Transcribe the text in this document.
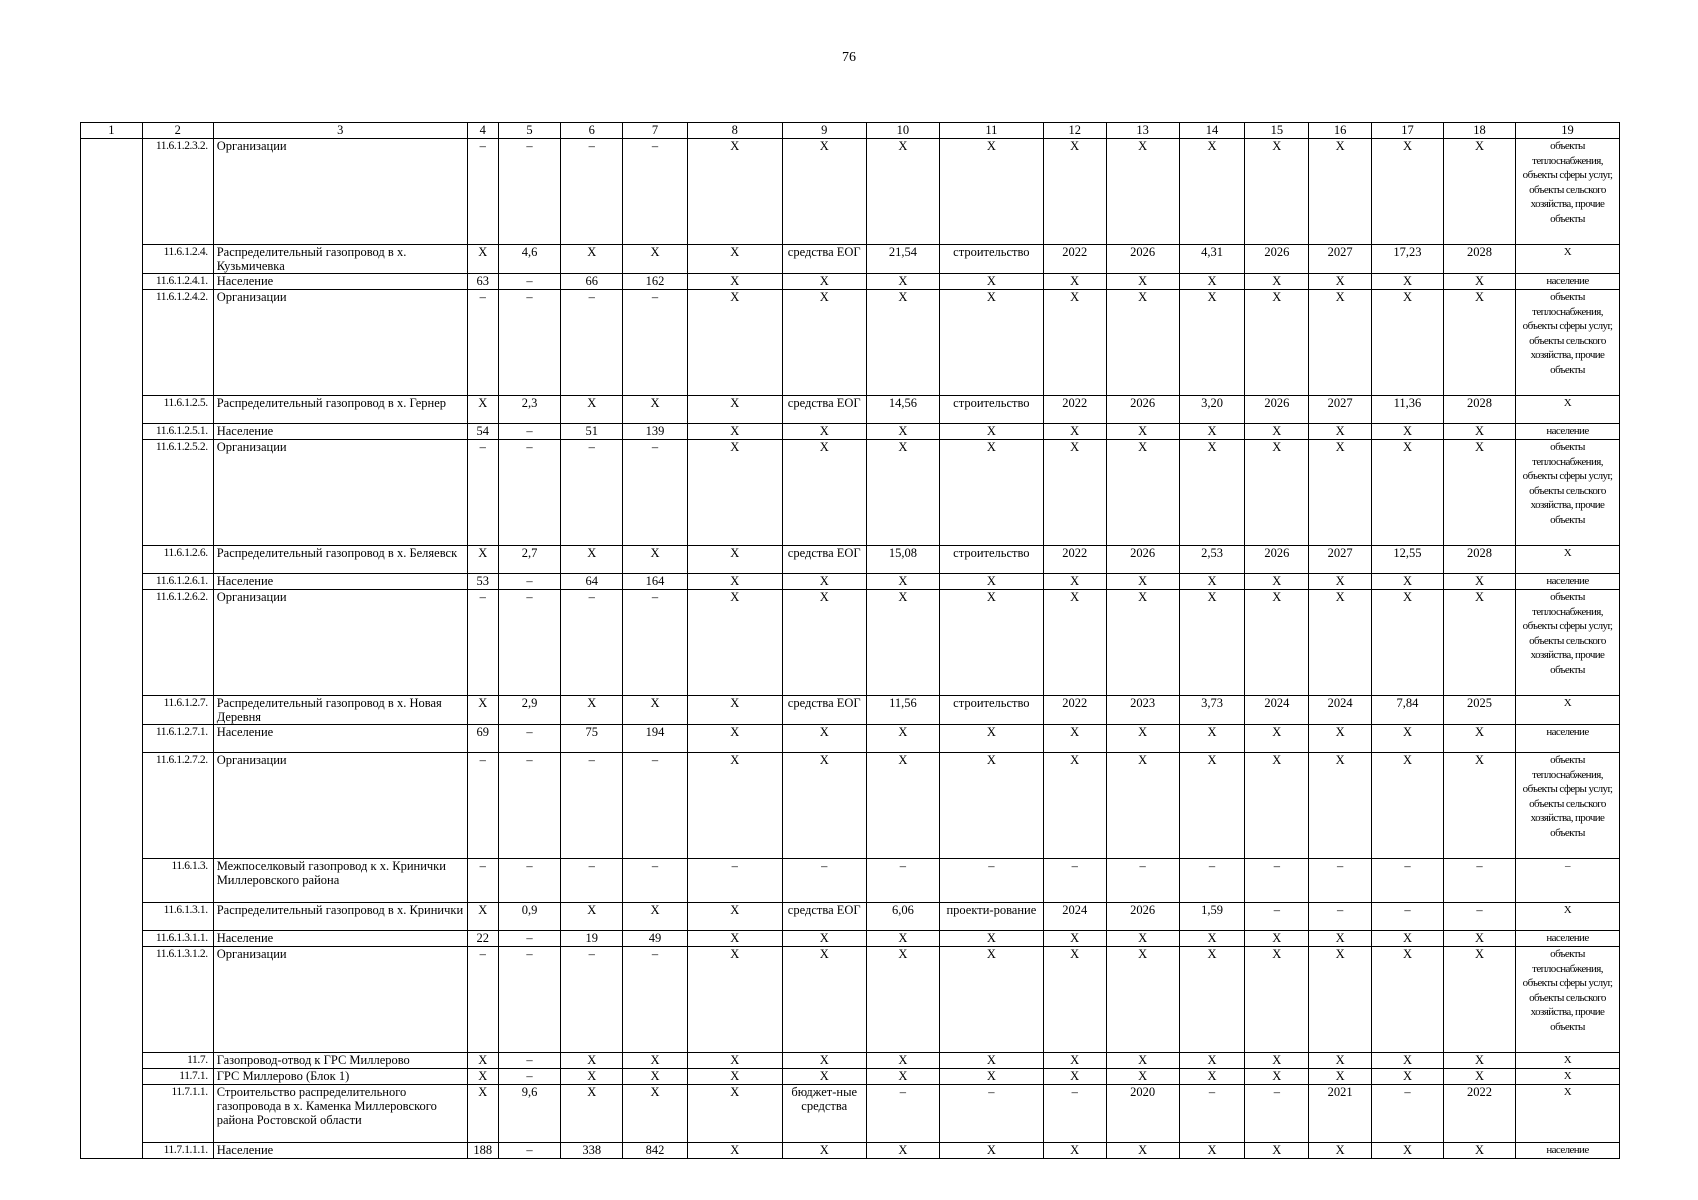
76
1	2	3	4	5	6	7	8	9	10	11	12	13	14	15	16	17	18	19
	11.6.1.2.3.2.	Организации	–	–	–	–	Х	Х	Х	Х	Х	Х	Х	Х	Х	Х	Х	объекты теплоснабжения, объекты сферы услуг, объекты сельского хозяйства, прочие объекты
	11.6.1.2.4.	Распределительный газопровод в х. Кузьмичевка	Х	4,6	Х	Х	Х	средства ЕОГ	21,54	строительство	2022	2026	4,31	2026	2027	17,23	2028	Х
	11.6.1.2.4.1.	Население	63	–	66	162	Х	Х	Х	Х	Х	Х	Х	Х	Х	Х	Х	население
	11.6.1.2.4.2.	Организации	–	–	–	–	Х	Х	Х	Х	Х	Х	Х	Х	Х	Х	Х	объекты теплоснабжения, объекты сферы услуг, объекты сельского хозяйства, прочие объекты
	11.6.1.2.5.	Распределительный газопровод в х. Гернер	Х	2,3	Х	Х	Х	средства ЕОГ	14,56	строительство	2022	2026	3,20	2026	2027	11,36	2028	Х
	11.6.1.2.5.1.	Население	54	–	51	139	Х	Х	Х	Х	Х	Х	Х	Х	Х	Х	Х	население
	11.6.1.2.5.2.	Организации	–	–	–	–	Х	Х	Х	Х	Х	Х	Х	Х	Х	Х	Х	объекты теплоснабжения, объекты сферы услуг, объекты сельского хозяйства, прочие объекты
	11.6.1.2.6.	Распределительный газопровод в х. Беляевск	Х	2,7	Х	Х	Х	средства ЕОГ	15,08	строительство	2022	2026	2,53	2026	2027	12,55	2028	Х
	11.6.1.2.6.1.	Население	53	–	64	164	Х	Х	Х	Х	Х	Х	Х	Х	Х	Х	Х	население
	11.6.1.2.6.2.	Организации	–	–	–	–	Х	Х	Х	Х	Х	Х	Х	Х	Х	Х	Х	объекты теплоснабжения, объекты сферы услуг, объекты сельского хозяйства, прочие объекты
	11.6.1.2.7.	Распределительный газопровод в х. Новая Деревня	Х	2,9	Х	Х	Х	средства ЕОГ	11,56	строительство	2022	2023	3,73	2024	2024	7,84	2025	Х
	11.6.1.2.7.1.	Население	69	–	75	194	Х	Х	Х	Х	Х	Х	Х	Х	Х	Х	Х	население
	11.6.1.2.7.2.	Организации	–	–	–	–	Х	Х	Х	Х	Х	Х	Х	Х	Х	Х	Х	объекты теплоснабжения, объекты сферы услуг, объекты сельского хозяйства, прочие объекты
	11.6.1.3.	Межпоселковый газопровод к х. Кринички Миллеровского района	–	–	–	–	–	–	–	–	–	–	–	–	–	–	–	–
	11.6.1.3.1.	Распределительный газопровод в х. Кринички	Х	0,9	Х	Х	Х	средства ЕОГ	6,06	проекти-рование	2024	2026	1,59	–	–	–	–	Х
	11.6.1.3.1.1.	Население	22	–	19	49	Х	Х	Х	Х	Х	Х	Х	Х	Х	Х	Х	население
	11.6.1.3.1.2.	Организации	–	–	–	–	Х	Х	Х	Х	Х	Х	Х	Х	Х	Х	Х	объекты теплоснабжения, объекты сферы услуг, объекты сельского хозяйства, прочие объекты
	11.7.	Газопровод-отвод к ГРС Миллерово	Х	–	Х	Х	Х	Х	Х	Х	Х	Х	Х	Х	Х	Х	Х	Х
	11.7.1.	ГРС Миллерово (Блок 1)	Х	–	Х	Х	Х	Х	Х	Х	Х	Х	Х	Х	Х	Х	Х	Х
	11.7.1.1.	Строительство распределительного газопровода в х. Каменка Миллеровского района Ростовской области	Х	9,6	Х	Х	Х	бюджет-ные средства	–	–	–	2020	–	–	2021	–	2022	Х
	11.7.1.1.1.	Население	188	–	338	842	Х	Х	Х	Х	Х	Х	Х	Х	Х	Х	Х	население
